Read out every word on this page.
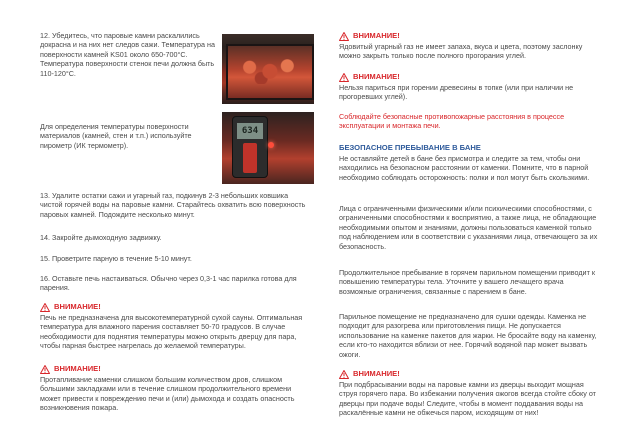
12. Убедитесь, что паровые камни раскалились докрасна и на них нет следов сажи. Температура на поверхности камней KS01 около 650-700°С. Температура поверхности стенок печи должна быть 110-120°С.

Для определения температуры поверхности материалов (камней, стен и т.п.) используйте пирометр (ИК термометр).

13. Удалите остатки сажи и угарный газ, подкинув 2-3 небольших ковшика чистой горячей воды на паровые камни. Старайтесь охватить всю поверхность паровых камней. Подождите несколько минут.

14. Закройте дымоходную задвижку.

15. Проветрите парную в течение 5-10 минут.

16. Оставьте печь настаиваться. Обычно через 0,3-1 час парилка готова для парения.

ВНИМАНИЕ!

Печь не предназначена для высокотемпературной сухой сауны. Оптимальная температура для влажного парения составляет 50-70 градусов. В случае необходимости для поднятия температуры можно открыть дверцу для пара, чтобы парная быстрее нагрелась до желаемой температуры.

ВНИМАНИЕ!

Протапливание каменки слишком большим количеством дров, слишком большими закладками или в течение слишком продолжительного времени может привести к повреждению печи и (или) дымохода и создать опасность возникновения пожара.

634
ВНИМАНИЕ!

Ядовитый угарный газ не имеет запаха, вкуса и цвета, поэтому заслонку можно закрыть только после полного прогорания углей.

ВНИМАНИЕ!

Нельзя париться при горении древесины в топке (или при наличии не прогоревших углей).

Соблюдайте безопасные противопожарные расстояния в процессе эксплуатации и монтажа печи.

БЕЗОПАСНОЕ ПРЕБЫВАНИЕ В БАНЕ

Не оставляйте детей в бане без присмотра и следите за тем, чтобы они находились на безопасном расстоянии от каменки. Помните, что в парной необходимо соблюдать осторожность: полки и пол могут быть скользкими.

Лица с ограниченными физическими и/или психическими способностями, с ограниченными способностями к восприятию, а также лица, не обладающие необходимыми опытом и знаниями, должны пользоваться каменкой только под наблюдением или в соответствии с указаниями лица, отвечающего за их безопасность.

Продолжительное пребывание в горячем парильном помещении приводит к повышению температуры тела. Уточните у вашего лечащего врача возможные ограничения, связанные с парением в бане.

Парильное помещение не предназначено для сушки одежды. Каменка не подходит для разогрева или приготовления пищи. Не допускается использование на каменке пакетов для жарки. Не бросайте воду на каменку, если кто-то находится вблизи от нее. Горячий водяной пар может вызвать ожоги.

ВНИМАНИЕ!

При подбрасывании воды на паровые камни из дверцы выходит мощная струя горячего пара. Во избежании получения ожогов всегда стойте сбоку от дверцы при подаче воды! Следите, чтобы в момент поддавания воды на раскалённые камни не обжечься паром, исходящим от них!
